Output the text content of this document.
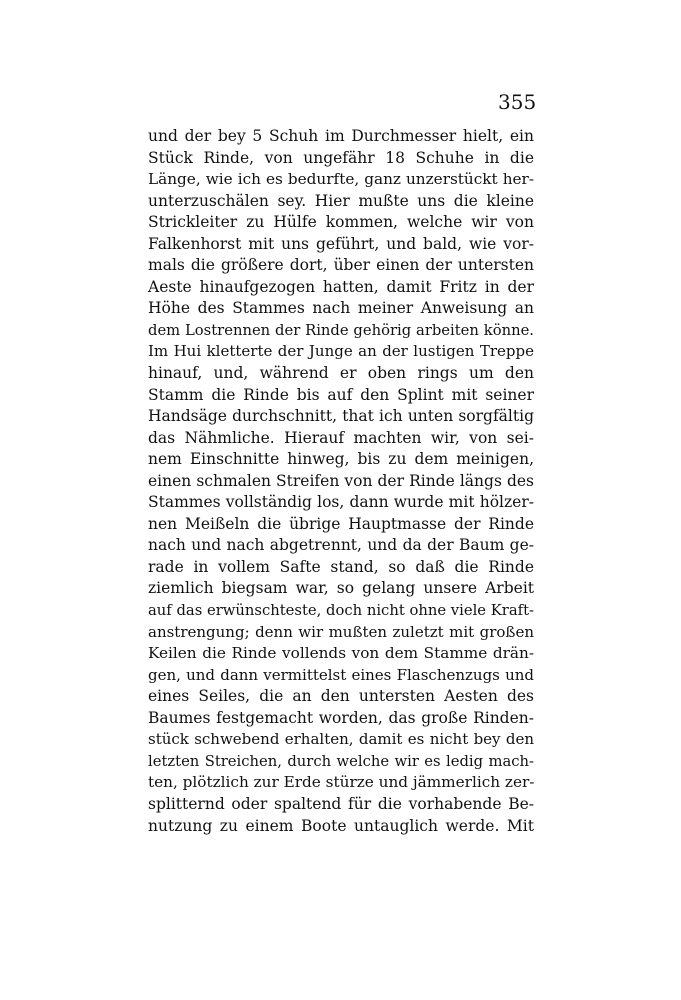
355
und der bey 5 Schuh im Durchmesser hielt, ein
Stück Rinde, von ungefähr 18 Schuhe in die
Länge, wie ich es bedurfte, ganz unzerstückt her-
unterzuschälen sey. Hier mußte uns die kleine
Strickleiter zu Hülfe kommen, welche wir von
Falkenhorst mit uns geführt, und bald, wie vor-
mals die größere dort, über einen der untersten
Aeste hinaufgezogen hatten, damit Fritz in der
Höhe des Stammes nach meiner Anweisung an
dem Lostrennen der Rinde gehörig arbeiten könne.
Im Hui kletterte der Junge an der lustigen Treppe
hinauf, und, während er oben rings um den
Stamm die Rinde bis auf den Splint mit seiner
Handsäge durchschnitt, that ich unten sorgfältig
das Nähmliche. Hierauf machten wir, von sei-
nem Einschnitte hinweg, bis zu dem meinigen,
einen schmalen Streifen von der Rinde längs des
Stammes vollständig los, dann wurde mit hölzer-
nen Meißeln die übrige Hauptmasse der Rinde
nach und nach abgetrennt, und da der Baum ge-
rade in vollem Safte stand, so daß die Rinde
ziemlich biegsam war, so gelang unsere Arbeit
auf das erwünschteste, doch nicht ohne viele Kraft-
anstrengung; denn wir mußten zuletzt mit großen
Keilen die Rinde vollends von dem Stamme drän-
gen, und dann vermittelst eines Flaschenzugs und
eines Seiles, die an den untersten Aesten des
Baumes festgemacht worden, das große Rinden-
stück schwebend erhalten, damit es nicht bey den
letzten Streichen, durch welche wir es ledig mach-
ten, plötzlich zur Erde stürze und jämmerlich zer-
splitternd oder spaltend für die vorhabende Be-
nutzung zu einem Boote untauglich werde. Mit
